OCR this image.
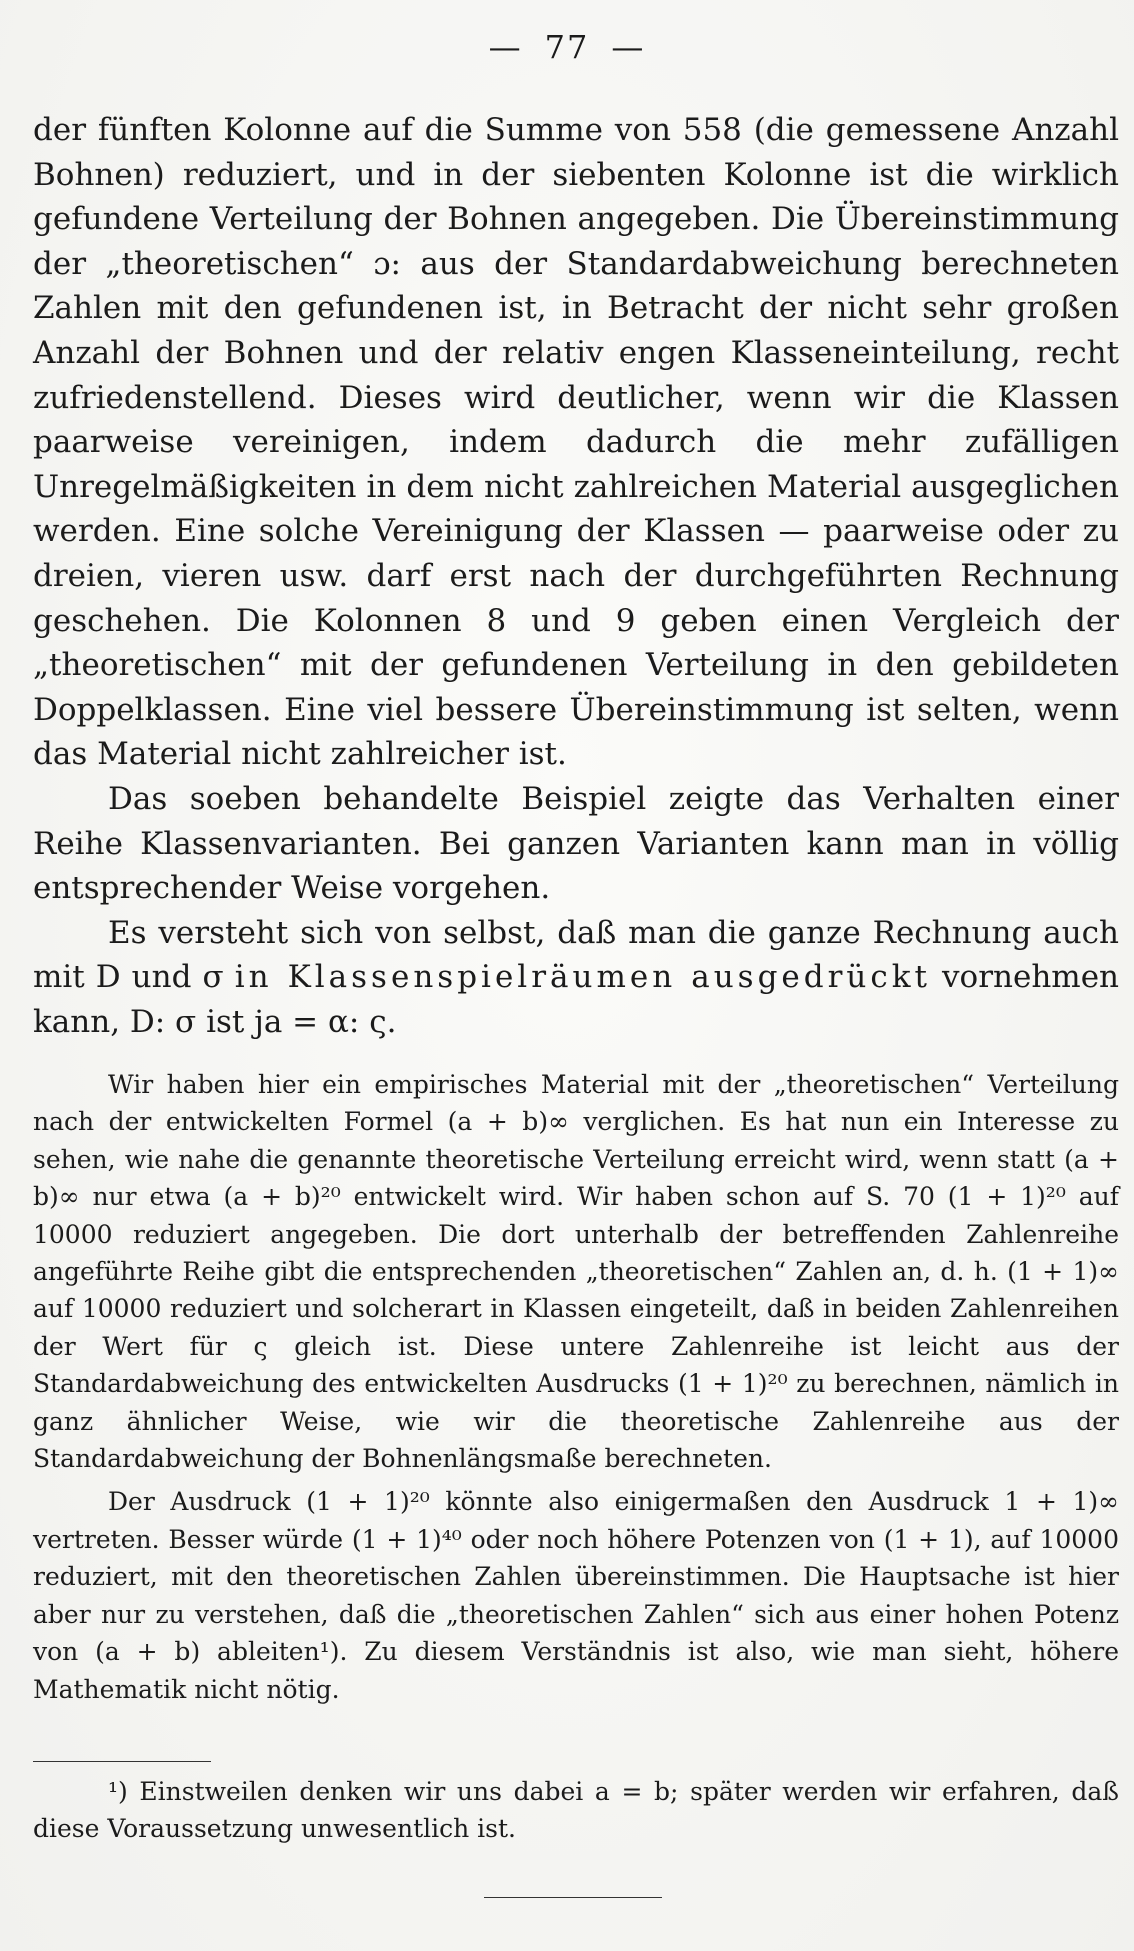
— 77 —

der fünften Kolonne auf die Summe von 558 (die gemessene Anzahl Bohnen) reduziert, und in der siebenten Kolonne ist die wirklich gefundene Verteilung der Bohnen angegeben. Die Übereinstimmung der „theoretischen“ ɔ: aus der Standardabweichung berechneten Zahlen mit den gefundenen ist, in Betracht der nicht sehr großen Anzahl der Bohnen und der relativ engen Klasseneinteilung, recht zufriedenstellend. Dieses wird deutlicher, wenn wir die Klassen paarweise vereinigen, indem dadurch die mehr zufälligen Unregelmäßigkeiten in dem nicht zahlreichen Material ausgeglichen werden. Eine solche Vereinigung der Klassen — paarweise oder zu dreien, vieren usw. darf erst nach der durchgeführten Rechnung geschehen. Die Kolonnen 8 und 9 geben einen Vergleich der „theoretischen“ mit der gefundenen Verteilung in den gebildeten Doppelklassen. Eine viel bessere Übereinstimmung ist selten, wenn das Material nicht zahlreicher ist.

Das soeben behandelte Beispiel zeigte das Verhalten einer Reihe Klassenvarianten. Bei ganzen Varianten kann man in völlig entsprechender Weise vorgehen.

Es versteht sich von selbst, daß man die ganze Rechnung auch mit D und σ in Klassenspielräumen ausgedrückt vornehmen kann, D: σ ist ja = α: ς.

Wir haben hier ein empirisches Material mit der „theoretischen“ Verteilung nach der entwickelten Formel (a + b)∞ verglichen. Es hat nun ein Interesse zu sehen, wie nahe die genannte theoretische Verteilung erreicht wird, wenn statt (a + b)∞ nur etwa (a + b)²⁰ entwickelt wird. Wir haben schon auf S. 70 (1 + 1)²⁰ auf 10000 reduziert angegeben. Die dort unterhalb der betreffenden Zahlenreihe angeführte Reihe gibt die entsprechenden „theoretischen“ Zahlen an, d. h. (1 + 1)∞ auf 10000 reduziert und solcherart in Klassen eingeteilt, daß in beiden Zahlenreihen der Wert für ς gleich ist. Diese untere Zahlenreihe ist leicht aus der Standardabweichung des entwickelten Ausdrucks (1 + 1)²⁰ zu berechnen, nämlich in ganz ähnlicher Weise, wie wir die theoretische Zahlenreihe aus der Standardabweichung der Bohnenlängsmaße berechneten.

Der Ausdruck (1 + 1)²⁰ könnte also einigermaßen den Ausdruck 1 + 1)∞ vertreten. Besser würde (1 + 1)⁴⁰ oder noch höhere Potenzen von (1 + 1), auf 10000 reduziert, mit den theoretischen Zahlen übereinstimmen. Die Hauptsache ist hier aber nur zu verstehen, daß die „theoretischen Zahlen“ sich aus einer hohen Potenz von (a + b) ableiten¹). Zu diesem Verständnis ist also, wie man sieht, höhere Mathematik nicht nötig.

¹) Einstweilen denken wir uns dabei a = b; später werden wir erfahren, daß diese Voraussetzung unwesentlich ist.
